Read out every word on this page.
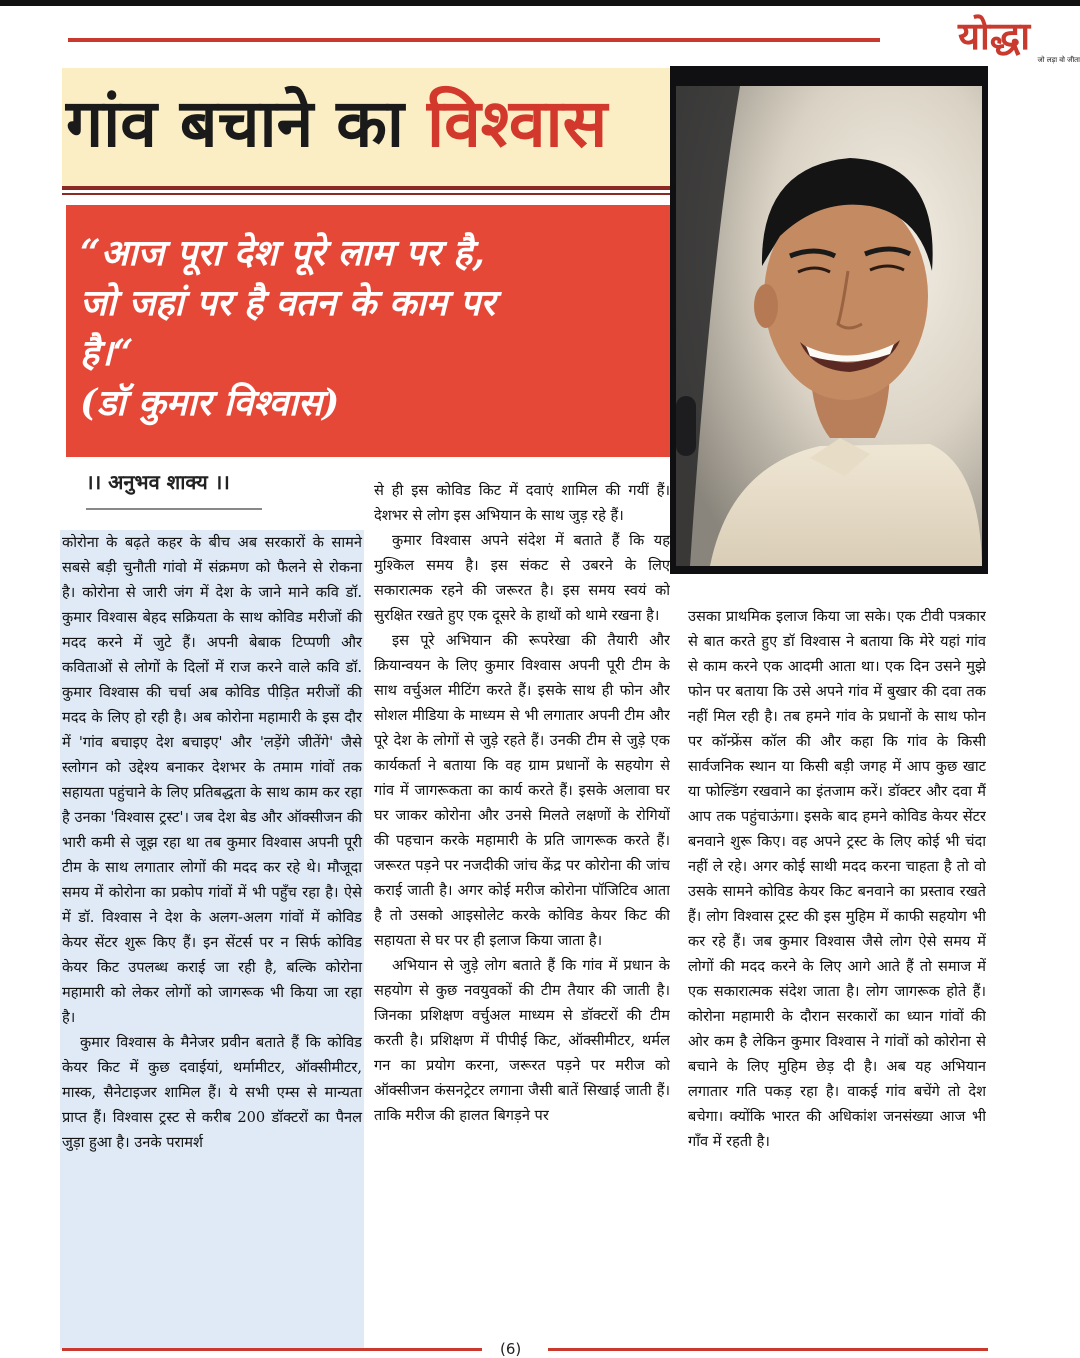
योद्धा
जो लड़ा वो जीता
गांव बचाने का विश्वास
“आज पूरा देश पूरे लाम पर है,
जो जहां पर है वतन के काम पर
है।“
(डॉ कुमार विश्वास)
।। अनुभव शाक्य ।।

कोरोना के बढ़ते कहर के बीच अब सरकारों के सामने सबसे बड़ी चुनौती गांवो में संक्रमण को फैलने से रोकना है। कोरोना से जारी जंग में देश के जाने माने कवि डॉ. कुमार विश्वास बेहद सक्रियता के साथ कोविड मरीजों की मदद करने में जुटे हैं। अपनी बेबाक टिप्पणी और कविताओं से लोगों के दिलों में राज करने वाले कवि डॉ. कुमार विश्वास की चर्चा अब कोविड पीड़ित मरीजों की मदद के लिए हो रही है। अब कोरोना महामारी के इस दौर में 'गांव बचाइए देश बचाइए' और 'लड़ेंगे जीतेंगे' जैसे स्लोगन को उद्देश्य बनाकर देशभर के तमाम गांवों तक सहायता पहुंचाने के लिए प्रतिबद्धता के साथ काम कर रहा है उनका 'विश्वास ट्रस्ट'। जब देश बेड और ऑक्सीजन की भारी कमी से जूझ रहा था तब कुमार विश्वास अपनी पूरी टीम के साथ लगातार लोगों की मदद कर रहे थे। मौजूदा समय में कोरोना का प्रकोप गांवों में भी पहुँच रहा है। ऐसे में डॉ. विश्वास ने देश के अलग-अलग गांवों में कोविड केयर सेंटर शुरू किए हैं। इन सेंटर्स पर न सिर्फ कोविड केयर किट उपलब्ध कराई जा रही है, बल्कि कोरोना महामारी को लेकर लोगों को जागरूक भी किया जा रहा है।

कुमार विश्वास के मैनेजर प्रवीन बताते हैं कि कोविड केयर किट में कुछ दवाईयां, थर्मामीटर, ऑक्सीमीटर, मास्क, सैनेटाइजर शामिल हैं। ये सभी एम्स से मान्यता प्राप्त हैं। विश्वास ट्रस्ट से करीब 200 डॉक्टरों का पैनल जुड़ा हुआ है। उनके परामर्श

से ही इस कोविड किट में दवाएं शामिल की गयीं हैं। देशभर से लोग इस अभियान के साथ जुड़ रहे हैं।

कुमार विश्वास अपने संदेश में बताते हैं कि यह मुश्किल समय है। इस संकट से उबरने के लिए सकारात्मक रहने की जरूरत है। इस समय स्वयं को सुरक्षित रखते हुए एक दूसरे के हाथों को थामे रखना है।

इस पूरे अभियान की रूपरेखा की तैयारी और क्रियान्वयन के लिए कुमार विश्वास अपनी पूरी टीम के साथ वर्चुअल मीटिंग करते हैं। इसके साथ ही फोन और सोशल मीडिया के माध्यम से भी लगातार अपनी टीम और पूरे देश के लोगों से जुड़े रहते हैं। उनकी टीम से जुड़े एक कार्यकर्ता ने बताया कि वह ग्राम प्रधानों के सहयोग से गांव में जागरूकता का कार्य करते हैं। इसके अलावा घर घर जाकर कोरोना और उनसे मिलते लक्षणों के रोगियों की पहचान करके महामारी के प्रति जागरूक करते हैं। जरूरत पड़ने पर नजदीकी जांच केंद्र पर कोरोना की जांच कराई जाती है। अगर कोई मरीज कोरोना पॉजिटिव आता है तो उसको आइसोलेट करके कोविड केयर किट की सहायता से घर पर ही इलाज किया जाता है।

अभियान से जुड़े लोग बताते हैं कि गांव में प्रधान के सहयोग से कुछ नवयुवकों की टीम तैयार की जाती है। जिनका प्रशिक्षण वर्चुअल माध्यम से डॉक्टरों की टीम करती है। प्रशिक्षण में पीपीई किट, ऑक्सीमीटर, थर्मल गन का प्रयोग करना, जरूरत पड़ने पर मरीज को ऑक्सीजन कंसनट्रेटर लगाना जैसी बातें सिखाई जाती हैं। ताकि मरीज की हालत बिगड़ने पर

उसका प्राथमिक इलाज किया जा सके। एक टीवी पत्रकार से बात करते हुए डॉ विश्वास ने बताया कि मेरे यहां गांव से काम करने एक आदमी आता था। एक दिन उसने मुझे फोन पर बताया कि उसे अपने गांव में बुखार की दवा तक नहीं मिल रही है। तब हमने गांव के प्रधानों के साथ फोन पर कॉन्फ्रेंस कॉल की और कहा कि गांव के किसी सार्वजनिक स्थान या किसी बड़ी जगह में आप कुछ खाट या फोल्डिंग रखवाने का इंतजाम करें। डॉक्टर और दवा मैं आप तक पहुंचाऊंगा। इसके बाद हमने कोविड केयर सेंटर बनवाने शुरू किए। वह अपने ट्रस्ट के लिए कोई भी चंदा नहीं ले रहे। अगर कोई साथी मदद करना चाहता है तो वो उसके सामने कोविड केयर किट बनवाने का प्रस्ताव रखते हैं। लोग विश्वास ट्रस्ट की इस मुहिम में काफी सहयोग भी कर रहे हैं। जब कुमार विश्वास जैसे लोग ऐसे समय में लोगों की मदद करने के लिए आगे आते हैं तो समाज में एक सकारात्मक संदेश जाता है। लोग जागरूक होते हैं। कोरोना महामारी के दौरान सरकारों का ध्यान गांवों की ओर कम है लेकिन कुमार विश्वास ने गांवों को कोरोना से बचाने के लिए मुहिम छेड़ दी है। अब यह अभियान लगातार गति पकड़ रहा है। वाकई गांव बचेंगे तो देश बचेगा। क्योंकि भारत की अधिकांश जनसंख्या आज भी गाँव में रहती है।

(6)
